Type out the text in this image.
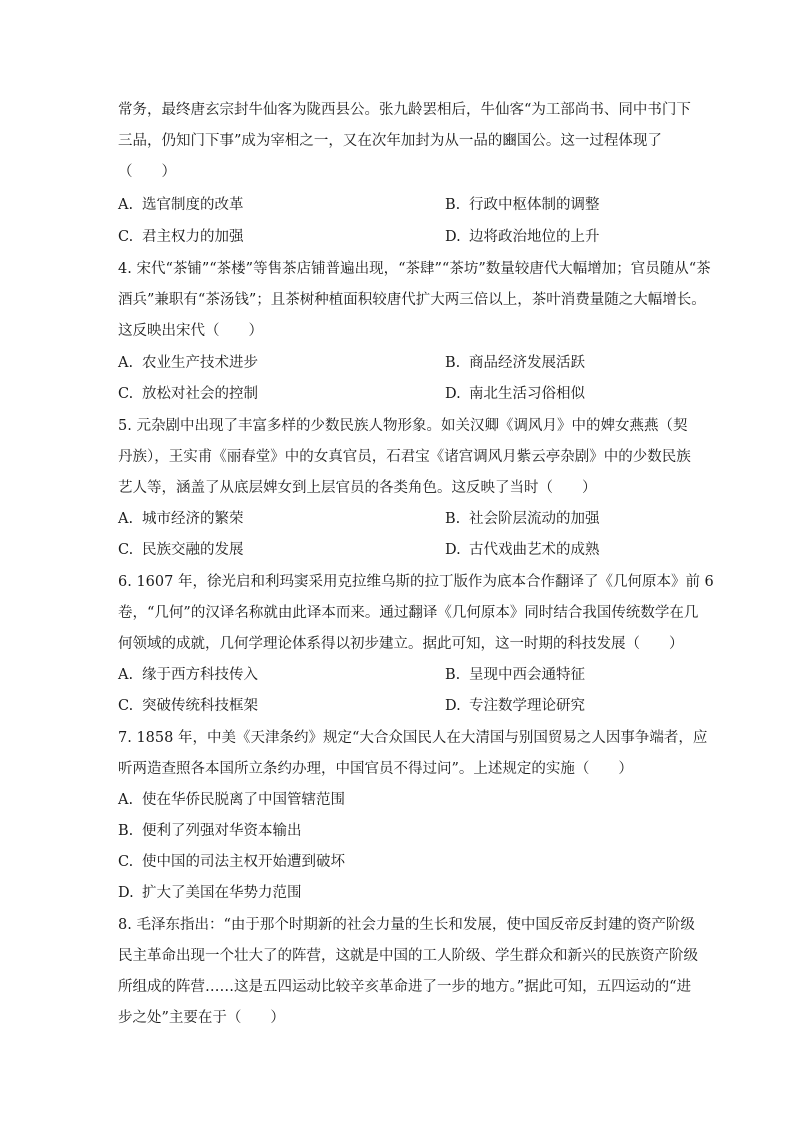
常务，最终唐玄宗封牛仙客为陇西县公。张九龄罢相后，牛仙客“为工部尚书、同中书门下
三品，仍知门下事”成为宰相之一，又在次年加封为从一品的豳国公。这一过程体现了
（　　）
A. 选官制度的改革	B. 行政中枢体制的调整
C. 君主权力的加强	D. 边将政治地位的上升
4. 宋代“茶铺”“茶楼”等售茶店铺普遍出现，“茶肆”“茶坊”数量较唐代大幅增加；官员随从“茶
酒兵”兼职有“茶汤钱”；且茶树种植面积较唐代扩大两三倍以上，茶叶消费量随之大幅增长。
这反映出宋代（　　）
A. 农业生产技术进步	B. 商品经济发展活跃
C. 放松对社会的控制	D. 南北生活习俗相似
5. 元杂剧中出现了丰富多样的少数民族人物形象。如关汉卿《调风月》中的婢女燕燕（契
丹族），王实甫《丽春堂》中的女真官员，石君宝《诸宫调风月紫云亭杂剧》中的少数民族
艺人等，涵盖了从底层婢女到上层官员的各类角色。这反映了当时（　　）
A. 城市经济的繁荣	B. 社会阶层流动的加强
C. 民族交融的发展	D. 古代戏曲艺术的成熟
6. 1607 年，徐光启和利玛窦采用克拉维乌斯的拉丁版作为底本合作翻译了《几何原本》前 6
卷，“几何”的汉译名称就由此译本而来。通过翻译《几何原本》同时结合我国传统数学在几
何领域的成就，几何学理论体系得以初步建立。据此可知，这一时期的科技发展（　　）
A. 缘于西方科技传入	B. 呈现中西会通特征
C. 突破传统科技框架	D. 专注数学理论研究
7. 1858 年，中美《天津条约》规定“大合众国民人在大清国与别国贸易之人因事争端者，应
听两造查照各本国所立条约办理，中国官员不得过问”。上述规定的实施（　　）
A. 使在华侨民脱离了中国管辖范围
B. 便利了列强对华资本输出
C. 使中国的司法主权开始遭到破坏
D. 扩大了美国在华势力范围
8. 毛泽东指出：“由于那个时期新的社会力量的生长和发展，使中国反帝反封建的资产阶级
民主革命出现一个壮大了的阵营，这就是中国的工人阶级、学生群众和新兴的民族资产阶级
所组成的阵营……这是五四运动比较辛亥革命进了一步的地方。”据此可知，五四运动的“进
步之处”主要在于（　　）
